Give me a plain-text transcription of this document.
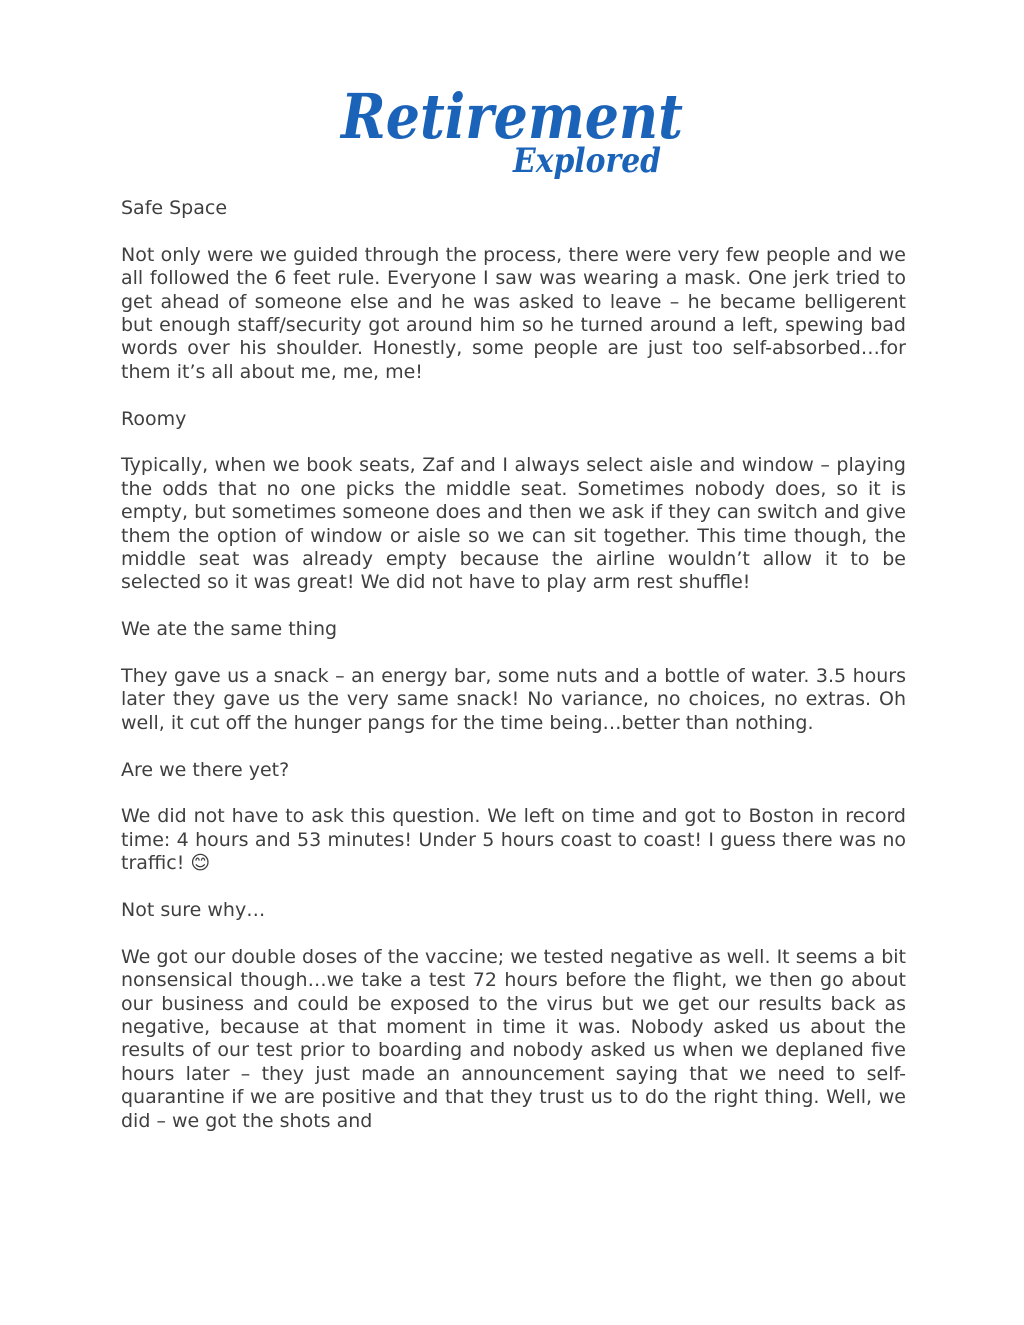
Retirement
Explored
Safe Space
Not only were we guided through the process, there were very few people and we all followed the 6 feet rule. Everyone I saw was wearing a mask. One jerk tried to get ahead of someone else and he was asked to leave – he became belligerent but enough staff/security got around him so he turned around a left, spewing bad words over his shoulder. Honestly, some people are just too self-absorbed…for them it’s all about me, me, me!
Roomy
Typically, when we book seats, Zaf and I always select aisle and window – playing the odds that no one picks the middle seat. Sometimes nobody does, so it is empty, but sometimes someone does and then we ask if they can switch and give them the option of window or aisle so we can sit together. This time though, the middle seat was already empty because the airline wouldn’t allow it to be selected so it was great! We did not have to play arm rest shuffle!
We ate the same thing
They gave us a snack – an energy bar, some nuts and a bottle of water. 3.5 hours later they gave us the very same snack! No variance, no choices, no extras. Oh well, it cut off the hunger pangs for the time being…better than nothing.
Are we there yet?
We did not have to ask this question. We left on time and got to Boston in record time: 4 hours and 53 minutes! Under 5 hours coast to coast! I guess there was no traffic! 😊
Not sure why…
We got our double doses of the vaccine; we tested negative as well. It seems a bit nonsensical though…we take a test 72 hours before the flight, we then go about our business and could be exposed to the virus but we get our results back as negative, because at that moment in time it was. Nobody asked us about the results of our test prior to boarding and nobody asked us when we deplaned five hours later – they just made an announcement saying that we need to self-quarantine if we are positive and that they trust us to do the right thing. Well, we did – we got the shots and
